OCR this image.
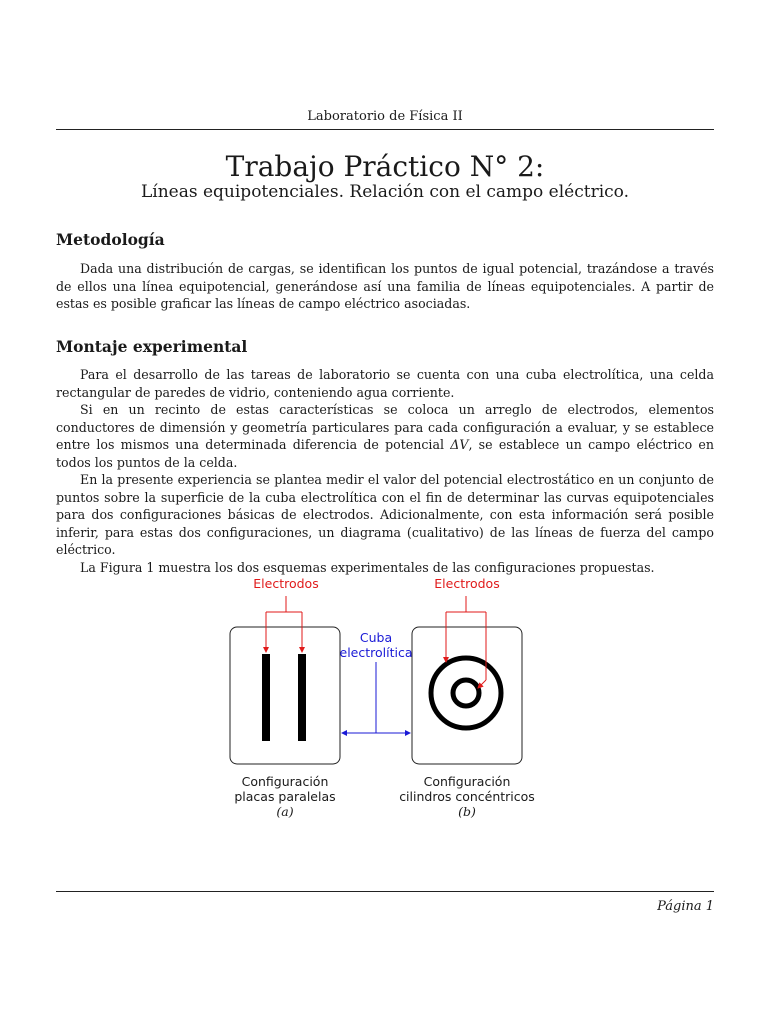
Laboratorio de Física II
Trabajo Práctico N° 2:
Líneas equipotenciales. Relación con el campo eléctrico.
Metodología

Dada una distribución de cargas, se identifican los puntos de igual potencial, trazándose a través de ellos una línea equipotencial, generándose así una familia de líneas equipotenciales. A partir de estas es posible graficar las líneas de campo eléctrico asociadas.

Montaje experimental

Para el desarrollo de las tareas de laboratorio se cuenta con una cuba electrolítica, una celda rectangular de paredes de vidrio, conteniendo agua corriente.

Si en un recinto de estas características se coloca un arreglo de electrodos, elementos conductores de dimensión y geometría particulares para cada configuración a evaluar, y se establece entre los mismos una determinada diferencia de potencial ΔV, se establece un campo eléctrico en todos los puntos de la celda.

En la presente experiencia se plantea medir el valor del potencial electrostático en un conjunto de puntos sobre la superficie de la cuba electrolítica con el fin de determinar las curvas equipotenciales para dos configuraciones básicas de electrodos. Adicionalmente, con esta información será posible inferir, para estas dos configuraciones, un diagrama (cualitativo) de las líneas de fuerza del campo eléctrico.

La Figura 1 muestra los dos esquemas experimentales de las configuraciones propuestas.

Electrodos	Electrodos
Cuba
electrolítica
Configuración
placas paralelas
(a)
Configuración
cilindros concéntricos
(b)
Página 1
